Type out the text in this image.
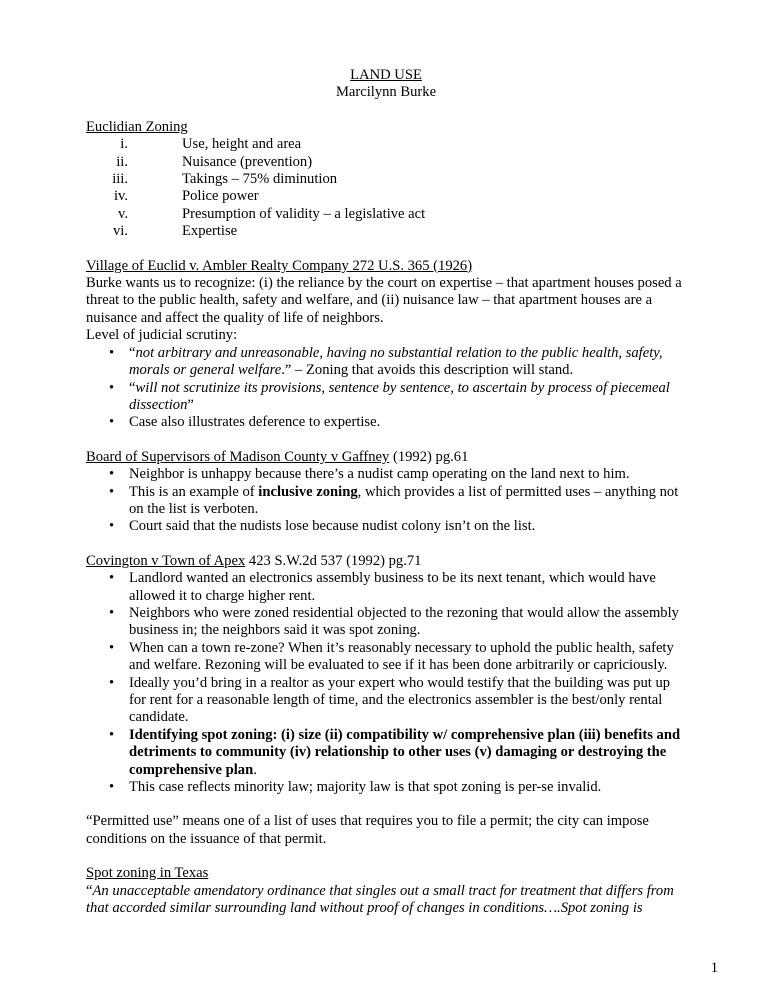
LAND USE
Marcilynn Burke
Euclidian Zoning
i.	Use, height and area
ii.	Nuisance (prevention)
iii.	Takings – 75% diminution
iv.	Police power
v.	Presumption of validity – a legislative act
vi.	Expertise
Village of Euclid v. Ambler Realty Company 272 U.S. 365 (1926)
Burke wants us to recognize: (i) the reliance by the court on expertise – that apartment houses posed a threat to the public health, safety and welfare, and (ii) nuisance law – that apartment houses are a nuisance and affect the quality of life of neighbors.
Level of judicial scrutiny:
• “not arbitrary and unreasonable, having no substantial relation to the public health, safety, morals or general welfare.” – Zoning that avoids this description will stand.
• “will not scrutinize its provisions, sentence by sentence, to ascertain by process of piecemeal dissection”
• Case also illustrates deference to expertise.
Board of Supervisors of Madison County v Gaffney (1992) pg.61
• Neighbor is unhappy because there’s a nudist camp operating on the land next to him.
• This is an example of inclusive zoning, which provides a list of permitted uses – anything not on the list is verboten.
• Court said that the nudists lose because nudist colony isn’t on the list.
Covington v Town of Apex 423 S.W.2d 537 (1992) pg.71
• Landlord wanted an electronics assembly business to be its next tenant, which would have allowed it to charge higher rent.
• Neighbors who were zoned residential objected to the rezoning that would allow the assembly business in; the neighbors said it was spot zoning.
• When can a town re-zone? When it’s reasonably necessary to uphold the public health, safety and welfare. Rezoning will be evaluated to see if it has been done arbitrarily or capriciously.
• Ideally you’d bring in a realtor as your expert who would testify that the building was put up for rent for a reasonable length of time, and the electronics assembler is the best/only rental candidate.
• Identifying spot zoning: (i) size (ii) compatibility w/ comprehensive plan (iii) benefits and detriments to community (iv) relationship to other uses (v) damaging or destroying the comprehensive plan.
• This case reflects minority law; majority law is that spot zoning is per-se invalid.
“Permitted use” means one of a list of uses that requires you to file a permit; the city can impose conditions on the issuance of that permit.
Spot zoning in Texas
“An unacceptable amendatory ordinance that singles out a small tract for treatment that differs from that accorded similar surrounding land without proof of changes in conditions….Spot zoning is
1
